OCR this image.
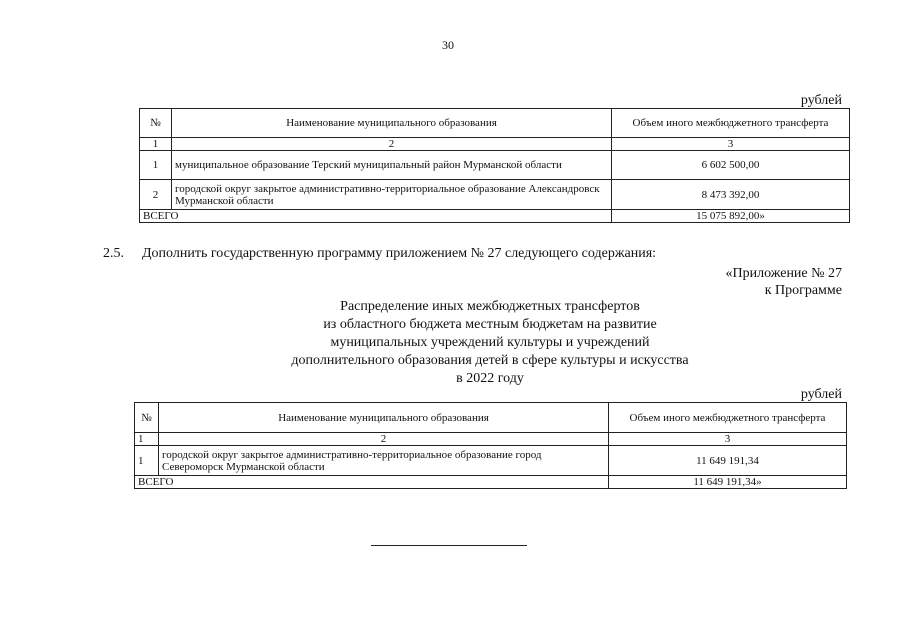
30
рублей
№	Наименование муниципального образования	Объем иного межбюджетного трансферта
1	2	3
1	муниципальное образование Терский муниципальный район Мурманской области	6 602 500,00
2	городской округ закрытое административно-территориальное образование Александровск Мурманской области	8 473 392,00
ВСЕГО		15 075 892,00»
2.5. Дополнить государственную программу приложением № 27 следующего содержания:
«Приложение № 27
к Программе
Распределение иных межбюджетных трансфертов
из областного бюджета местным бюджетам на развитие
муниципальных учреждений культуры и учреждений
дополнительного образования детей в сфере культуры и искусства
в 2022 году
рублей
№	Наименование муниципального образования	Объем иного межбюджетного трансферта
1	2	3
1	городской округ закрытое административно-территориальное образование город Североморск Мурманской области	11 649 191,34
ВСЕГО		11 649 191,34»
